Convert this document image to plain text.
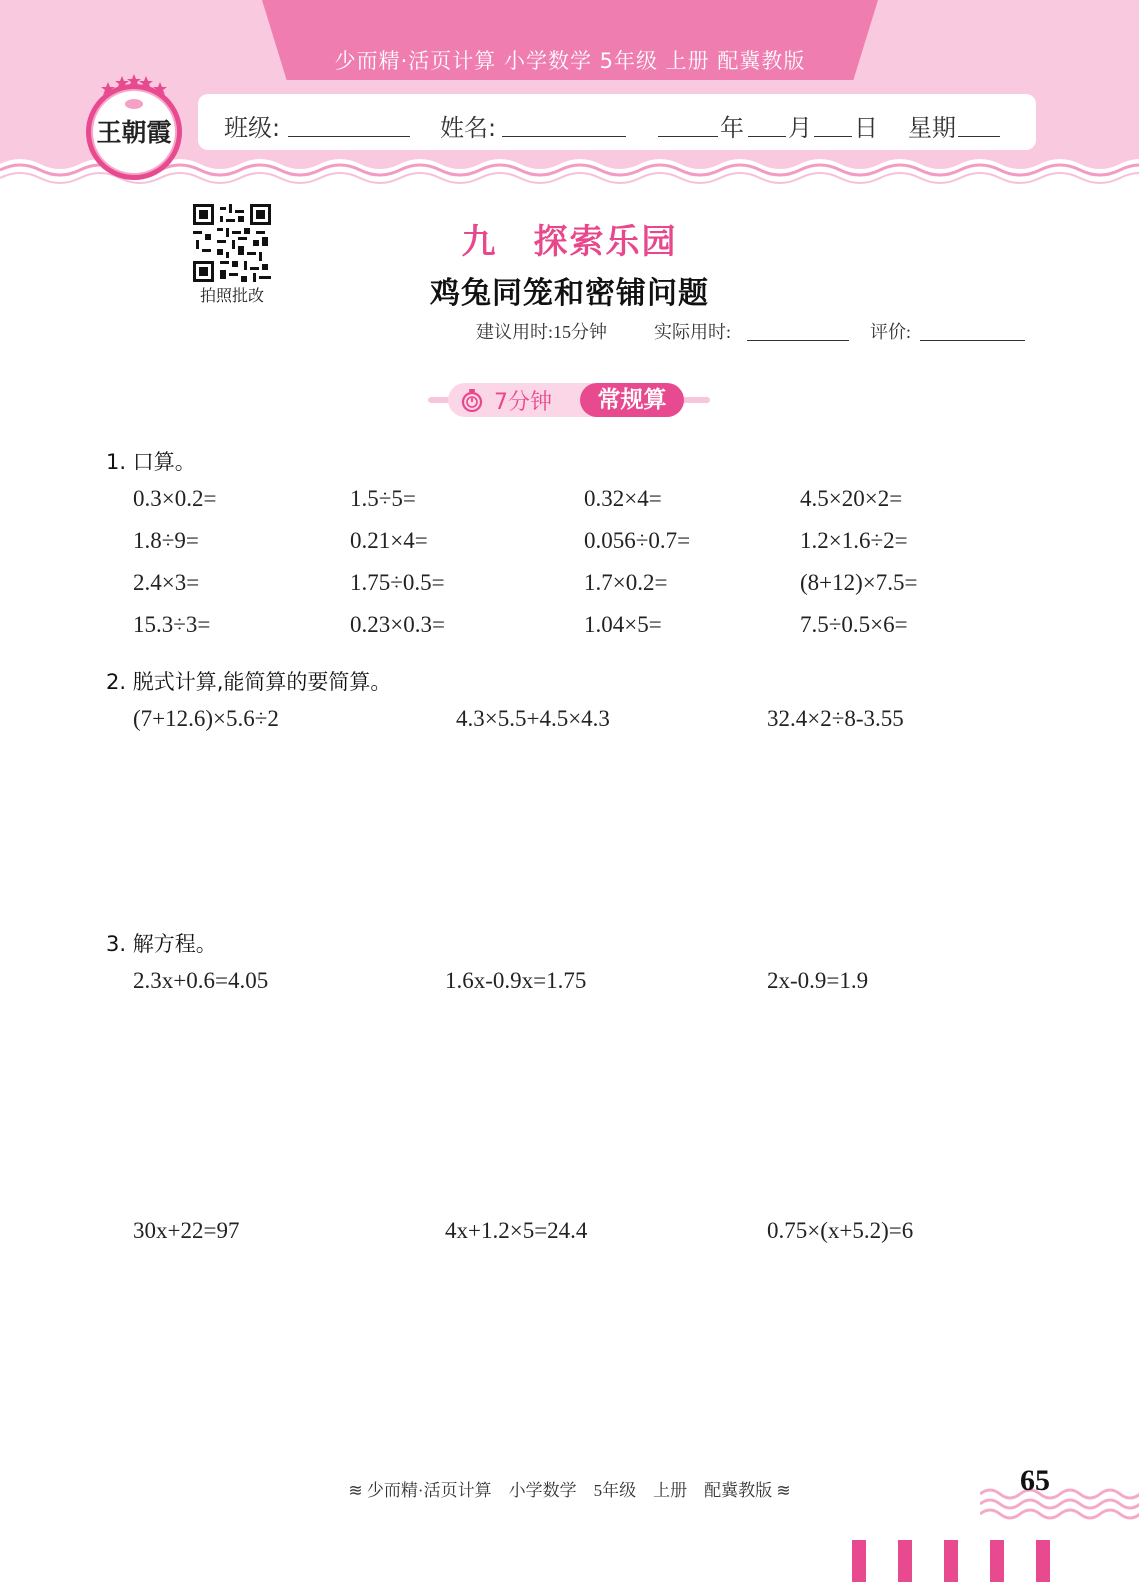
少而精·活页计算 小学数学 5年级 上册 配冀教版
班级:	姓名:	年 月 日 星期
王朝霞
拍照批改
九　探索乐园
鸡兔同笼和密铺问题
建议用时:15分钟	实际用时:	评价:
7分钟	常规算
1. 口算。
0.3×0.2=	1.5÷5=	0.32×4=	4.5×20×2=
1.8÷9=	0.21×4=	0.056÷0.7=	1.2×1.6÷2=
2.4×3=	1.75÷0.5=	1.7×0.2=	(8+12)×7.5=
15.3÷3=	0.23×0.3=	1.04×5=	7.5÷0.5×6=
2. 脱式计算,能简算的要简算。
(7+12.6)×5.6÷2	4.3×5.5+4.5×4.3	32.4×2÷8-3.55
3. 解方程。
2.3x+0.6=4.05	1.6x-0.9x=1.75	2x-0.9=1.9
30x+22=97	4x+1.2×5=24.4	0.75×(x+5.2)=6
≋ 少而精·活页计算　小学数学　5年级　上册　配冀教版 ≋	65
